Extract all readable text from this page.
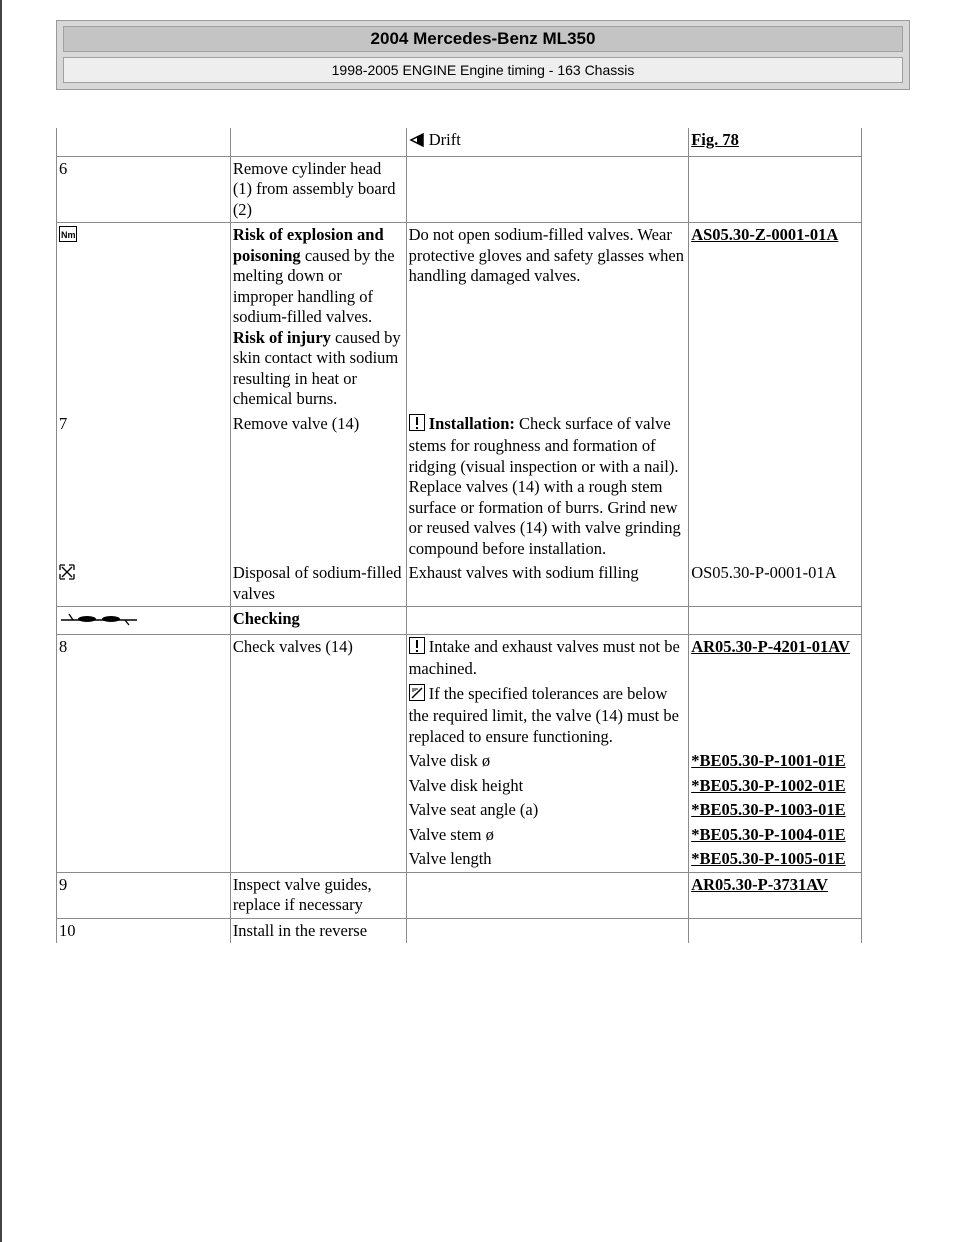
2004 Mercedes-Benz ML350
1998-2005 ENGINE Engine timing - 163 Chassis
		Drift	Fig. 78
6	Remove cylinder head (1) from assembly board (2)		

Nm	Risk of explosion and poisoning caused by the melting down or improper handling of sodium-filled valves. Risk of injury caused by skin contact with sodium resulting in heat or chemical burns.	Do not open sodium-filled valves. Wear protective gloves and safety glasses when handling damaged valves.	AS05.30-Z-0001-01A
7	Remove valve (14)	Installation: Check surface of valve stems for roughness and formation of ridging (visual inspection or with a nail). Replace valves (14) with a rough stem surface or formation of burrs. Grind new or reused valves (14) with valve grinding compound before installation.	
	Disposal of sodium-filled valves	Exhaust valves with sodium filling	OS05.30-P-0001-01A
	Checking		
8	Check valves (14)	Intake and exhaust valves must not be machined.	AR05.30-P-4201-01AV
		If the specified tolerances are below the required limit, the valve (14) must be replaced to ensure functioning.	
		Valve disk ø	*BE05.30-P-1001-01E
		Valve disk height	*BE05.30-P-1002-01E
		Valve seat angle (a)	*BE05.30-P-1003-01E
		Valve stem ø	*BE05.30-P-1004-01E
		Valve length	*BE05.30-P-1005-01E
9	Inspect valve guides, replace if necessary		AR05.30-P-3731AV
10	Install in the reverse		
